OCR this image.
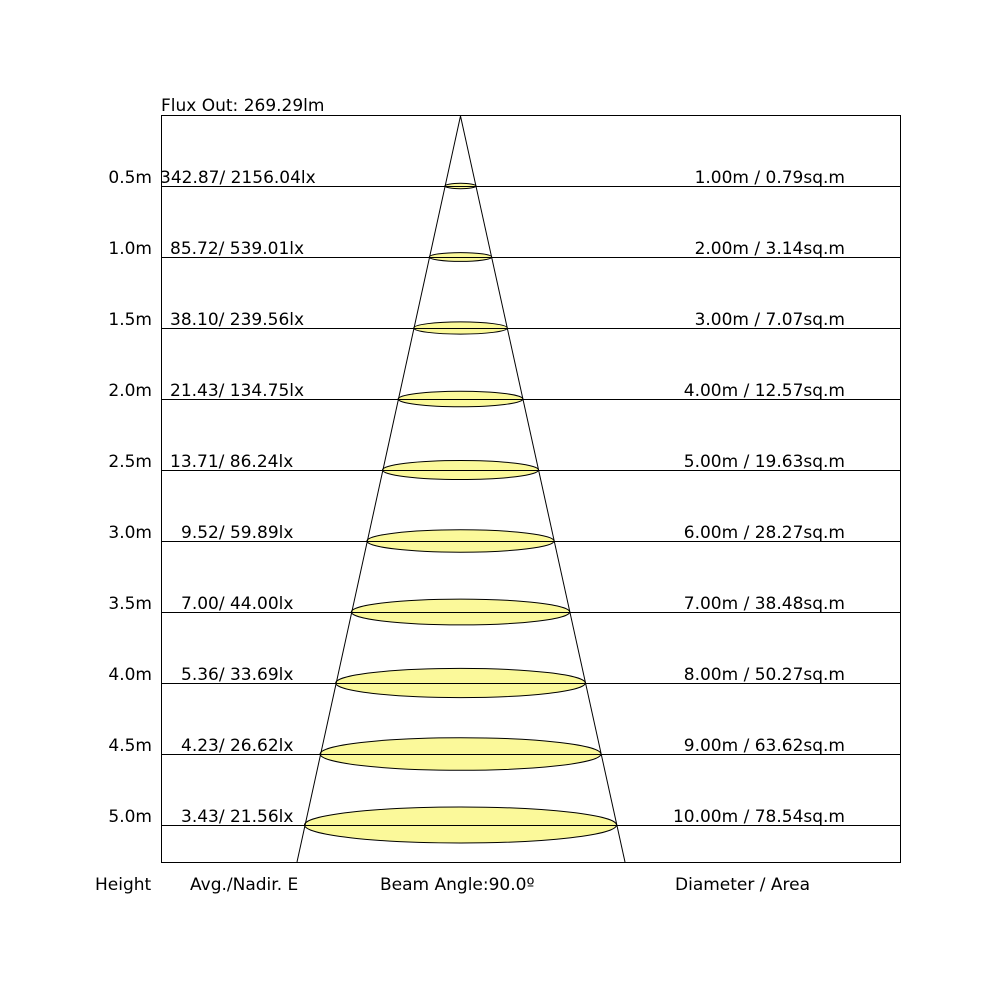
Flux Out: 269.29lm
0.5m 342.87/ 2156.04lx	1.00m / 0.79sq.m
1.0m 85.72/ 539.01lx	2.00m / 3.14sq.m
1.5m 38.10/ 239.56lx	3.00m / 7.07sq.m
2.0m 21.43/ 134.75lx	4.00m / 12.57sq.m
2.5m 13.71/ 86.24lx	5.00m / 19.63sq.m
3.0m 9.52/ 59.89lx	6.00m / 28.27sq.m
3.5m 7.00/ 44.00lx	7.00m / 38.48sq.m
4.0m 5.36/ 33.69lx	8.00m / 50.27sq.m
4.5m 4.23/ 26.62lx	9.00m / 63.62sq.m
5.0m 3.43/ 21.56lx	10.00m / 78.54sq.m
Height Avg./Nadir. E	Beam Angle:90.0º	Diameter / Area
